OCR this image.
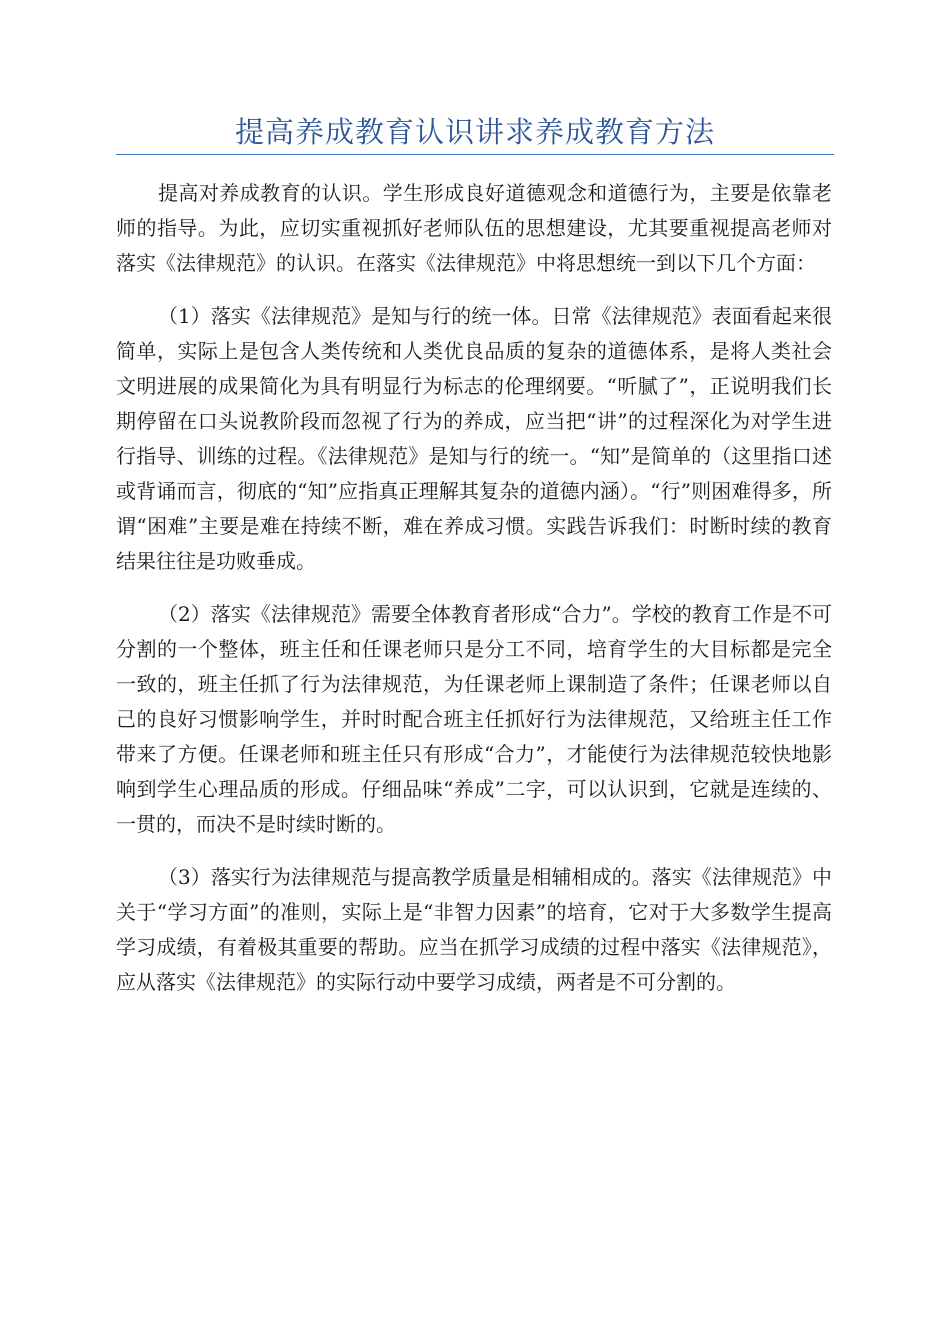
提高养成教育认识讲求养成教育方法

提高对养成教育的认识。学生形成良好道德观念和道德行为，主要是依靠老师的指导。为此，应切实重视抓好老师队伍的思想建设，尤其要重视提高老师对落实《法律规范》的认识。在落实《法律规范》中将思想统一到以下几个方面：

（1）落实《法律规范》是知与行的统一体。日常《法律规范》表面看起来很简单，实际上是包含人类传统和人类优良品质的复杂的道德体系，是将人类社会文明进展的成果简化为具有明显行为标志的伦理纲要。“听腻了”，正说明我们长期停留在口头说教阶段而忽视了行为的养成，应当把“讲”的过程深化为对学生进行指导、训练的过程。《法律规范》是知与行的统一。“知”是简单的（这里指口述或背诵而言，彻底的“知”应指真正理解其复杂的道德内涵）。“行”则困难得多，所谓“困难”主要是难在持续不断，难在养成习惯。实践告诉我们：时断时续的教育结果往往是功败垂成。

（2）落实《法律规范》需要全体教育者形成“合力”。学校的教育工作是不可分割的一个整体，班主任和任课老师只是分工不同，培育学生的大目标都是完全一致的，班主任抓了行为法律规范，为任课老师上课制造了条件；任课老师以自己的良好习惯影响学生，并时时配合班主任抓好行为法律规范，又给班主任工作带来了方便。任课老师和班主任只有形成“合力”，才能使行为法律规范较快地影响到学生心理品质的形成。仔细品味“养成”二字，可以认识到，它就是连续的、一贯的，而决不是时续时断的。

（3）落实行为法律规范与提高教学质量是相辅相成的。落实《法律规范》中关于“学习方面”的准则，实际上是“非智力因素”的培育，它对于大多数学生提高学习成绩，有着极其重要的帮助。应当在抓学习成绩的过程中落实《法律规范》，应从落实《法律规范》的实际行动中要学习成绩，两者是不可分割的。
